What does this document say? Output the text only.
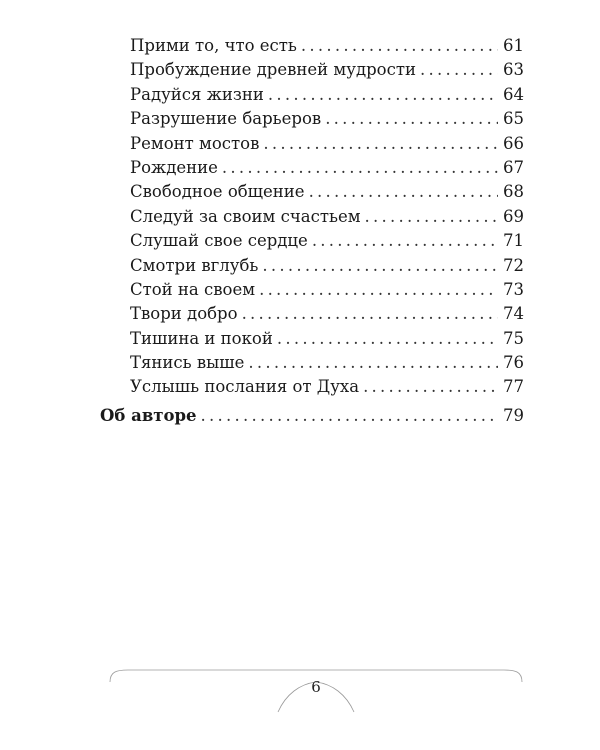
Прими то, что есть . . .	61
Пробуждение древней мудрости . . .	63
Радуйся жизни . . .	64
Разрушение барьеров . . .	65
Ремонт мостов . . .	66
Рождение . . .	67
Свободное общение . . .	68
Следуй за своим счастьем . . .	69
Слушай свое сердце . . .	71
Смотри вглубь . . .	72
Стой на своем . . .	73
Твори добро . . .	74
Тишина и покой . . .	75
Тянись выше . . .	76
Услышь послания от Духа . . .	77
Об авторе . . .	79
6
